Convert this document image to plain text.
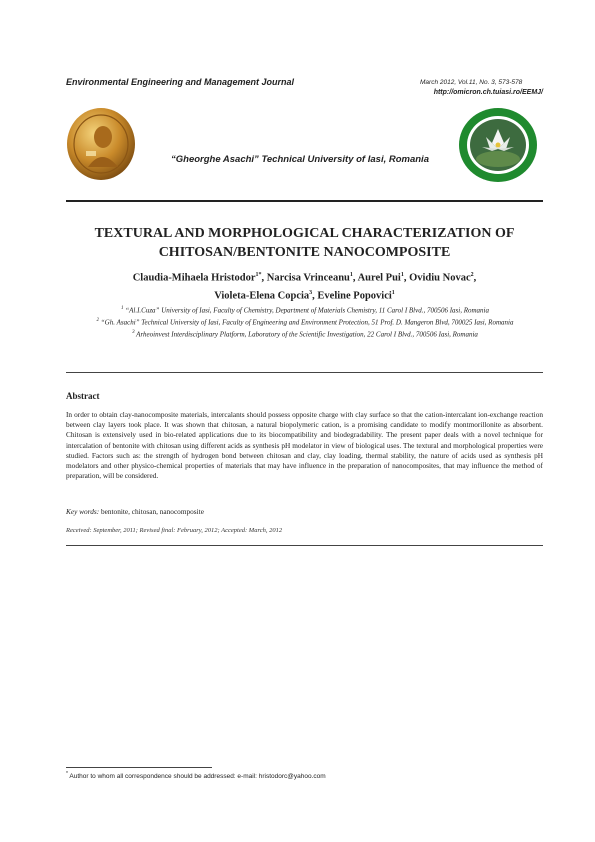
Environmental Engineering and Management Journal	March 2012, Vol.11, No. 3, 573-578
http://omicron.ch.tuiasi.ro/EEMJ/
“Gheorghe Asachi” Technical University of Iasi, Romania
TEXTURAL AND MORPHOLOGICAL CHARACTERIZATION OF
CHITOSAN/BENTONITE NANOCOMPOSITE
Claudia-Mihaela Hristodor$^{1*}$, Narcisa Vrinceanu$^1$, Aurel Pui$^1$, Ovidiu Novac$^2$,
Violeta-Elena Copcia$^3$, Eveline Popovici$^1$

$^1$ “Al.I.Cuza” University of Iasi, Faculty of Chemistry, Department of Materials Chemistry, 11 Carol I Blvd., 700506 Iasi, Romania

$^2$ “Gh. Asachi” Technical University of Iasi, Faculty of Engineering and Environment Protection, 51 Prof. D. Mangeron Blvd, 700025 Iasi, Romania

$^3$ Arheoinvest Interdisciplinary Platform, Laboratory of the Scientific Investigation, 22 Carol I Blvd., 700506 Iasi, Romania

Abstract
In order to obtain clay-nanocomposite materials, intercalants should possess opposite charge with clay surface so that the cation-intercalant ion-exchange reaction between clay layers took place. It was shown that chitosan, a natural biopolymeric cation, is a promising candidate to modify montmorillonite as absorbent. Chitosan is extensively used in bio-related applications due to its biocompatibility and biodegradability. The present paper deals with a novel technique for intercalation of bentonite with chitosan using different acids as synthesis pH modelator in view of biological uses. The textural and morphological properties were studied. Factors such as: the strength of hydrogen bond between chitosan and clay, clay loading, thermal stability, the nature of acids used as synthesis pH modelators and other physico-chemical properties of materials that may have influence in the preparation of nanocomposites, that may influence the method of preparation, will be considered.
Key words: bentonite, chitosan, nanocomposite
Received: September, 2011; Revised final: February, 2012; Accepted: March, 2012
* Author to whom all correspondence should be addressed: e-mail: hristodorc@yahoo.com
